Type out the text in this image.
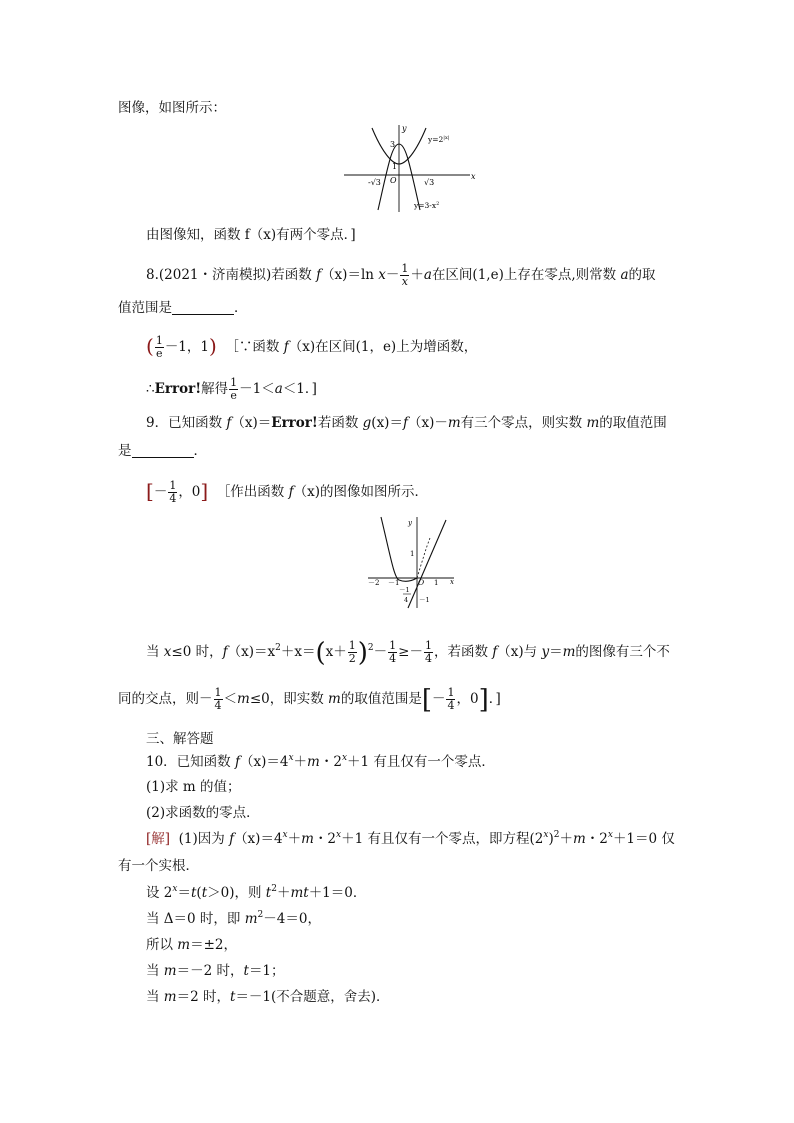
图像，如图所示：
y
x
O
3
1
-√3	√3
$y=2^{|x|}$
$y=3-x^2$
由图像知，函数 f（x)有两个零点．]
8.(2021・济南模拟)若函数 f（x)＝ln $x- \frac{1}{x} +a$在区间(1,e)上存在零点,则常数 a的取
值范围是	．
( $\frac{1}{e} -1$，1) ［∵函数 f（x)在区间(1，e)上为增函数，
∴Error!解得 $\frac{1}{e} -1<a<1$．]
9．已知函数 f（x)＝Error!若函数 g(x)＝f（x)－m有三个零点，则实数 m的取值范围
是	．
[－ $\frac{1}{4}$ ，0] ［作出函数 f（x)的图像如图所示．
y
x
O
1
－2 －1	1
－1
4 －1
当 x≤0 时，$f(x)=x^2+x=(x+ \frac{1}{2} )^2- \frac{1}{4} \ge- \frac{1}{4}$ ，若函数 f（x)与 y＝m的图像有三个不
同的交点，则－ $\frac{1}{4} <m\le 0$，即实数 m的取值范围是[－ $\frac{1}{4}$ ，0]．]
三、解答题
10．已知函数 $f(x)=4^x+m$・$2^x+1$ 有且仅有一个零点．
(1)求 m 的值；
(2)求函数的零点．
[解] (1)因为 $f(x)=4^x+m$・$2^x+1$ 有且仅有一个零点，即方程$(2^x)^2+m$・$2^x+1=0$ 仅
有一个实根．
设 $2^x=t(t>0)$，则 $t^2+mt+1=0$．
当 Δ＝0 时，即 $m^2-4=0$，
所以 m＝±2，
当 m＝－2 时，t＝1；
当 m＝2 时，t＝－1(不合题意，舍去)．
